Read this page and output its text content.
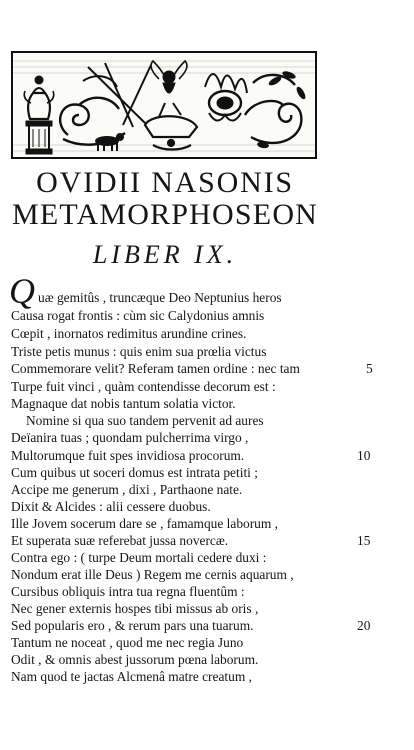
OVIDII NASONIS
METAMORPHOSEON
LIBER IX.
Q uæ gemitûs , truncæque Deo Neptunius heros
Causa rogat frontis : cùm sic Calydonius amnis
Cœpit , inornatos redimitus arundine crines.
Triste petis munus : quis enim sua prœlia victus
Commemorare velit? Referam tamen ordine : nec tam
Turpe fuit vinci , quàm contendisse decorum est :
Magnaque dat nobis tantum solatia victor.
Nomine si qua suo tandem pervenit ad aures
Deïanira tuas ; quondam pulcherrima virgo ,
Multorumque fuit spes invidiosa procorum.
Cum quibus ut soceri domus est intrata petiti ;
Accipe me generum , dixi , Parthaone nate.
Dixit & Alcides : alii cessere duobus.
Ille Jovem socerum dare se , famamque laborum ,
Et superata suæ referebat jussa novercæ.
Contra ego : ( turpe Deum mortali cedere duxi :
Nondum erat ille Deus ) Regem me cernis aquarum ,
Cursibus obliquis intra tua regna fluentûm :
Nec gener externis hospes tibi missus ab oris ,
Sed popularis ero , & rerum pars una tuarum.
Tantum ne noceat , quod me nec regia Juno
Odit , & omnis abest jussorum pœna laborum.
Nam quod te jactas Alcmenâ matre creatum ,
5
10
15
20
